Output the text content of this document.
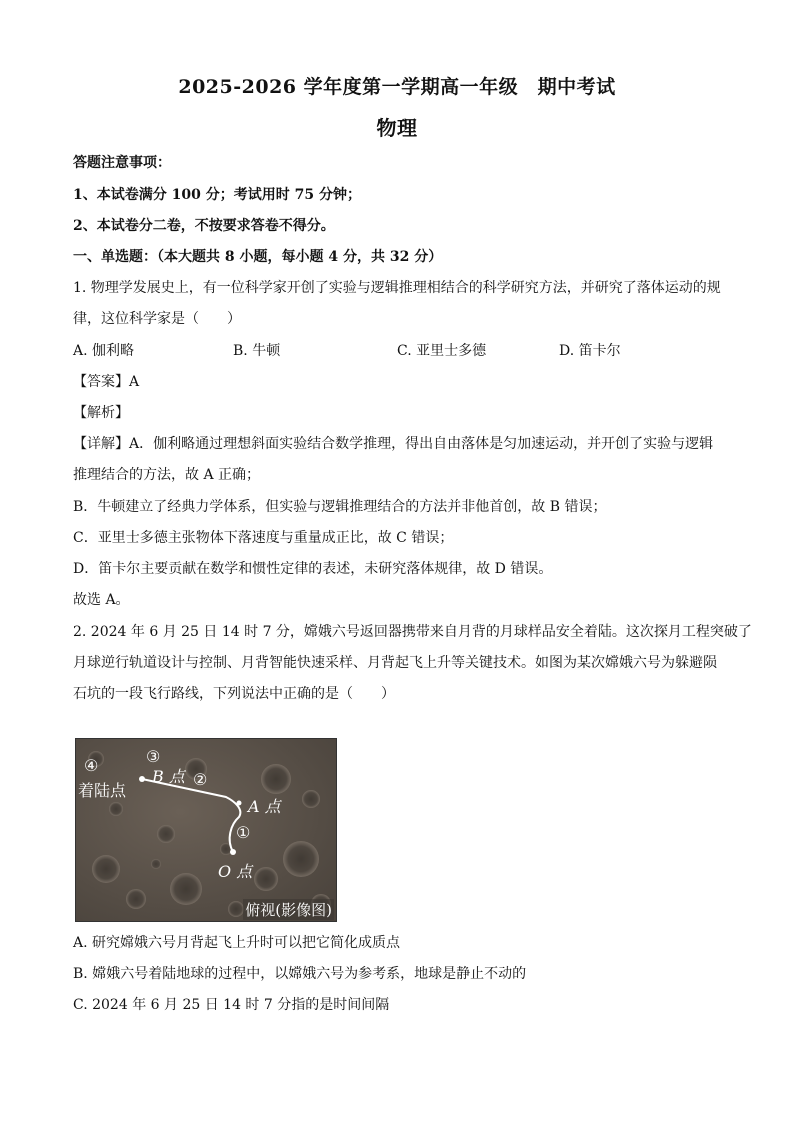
2025-2026 学年度第一学期高一年级　期中考试
物理
答题注意事项：
1、本试卷满分 100 分；考试用时 75 分钟；
2、本试卷分二卷，不按要求答卷不得分。
一、单选题：（本大题共 8 小题，每小题 4 分，共 32 分）
1. 物理学发展史上，有一位科学家开创了实验与逻辑推理相结合的科学研究方法，并研究了落体运动的规
律，这位科学家是（　　）
A. 伽利略	B. 牛顿	C. 亚里士多德	D. 笛卡尔
【答案】A
【解析】
【详解】A．伽利略通过理想斜面实验结合数学推理，得出自由落体是匀加速运动，并开创了实验与逻辑
推理结合的方法，故 A 正确；
B．牛顿建立了经典力学体系，但实验与逻辑推理结合的方法并非他首创，故 B 错误；
C．亚里士多德主张物体下落速度与重量成正比，故 C 错误；
D．笛卡尔主要贡献在数学和惯性定律的表述，未研究落体规律，故 D 错误。
故选 A。
2. 2024 年 6 月 25 日 14 时 7 分，嫦娥六号返回器携带来自月背的月球样品安全着陆。这次探月工程突破了
月球逆行轨道设计与控制、月背智能快速采样、月背起飞上升等关键技术。如图为某次嫦娥六号为躲避陨
石坑的一段飞行路线，下列说法中正确的是（　　）
④
着陆点
③
B 点 ②
A 点
①
O 点
俯视(影像图)
A. 研究嫦娥六号月背起飞上升时可以把它简化成质点
B. 嫦娥六号着陆地球的过程中，以嫦娥六号为参考系，地球是静止不动的
C. 2024 年 6 月 25 日 14 时 7 分指的是时间间隔
